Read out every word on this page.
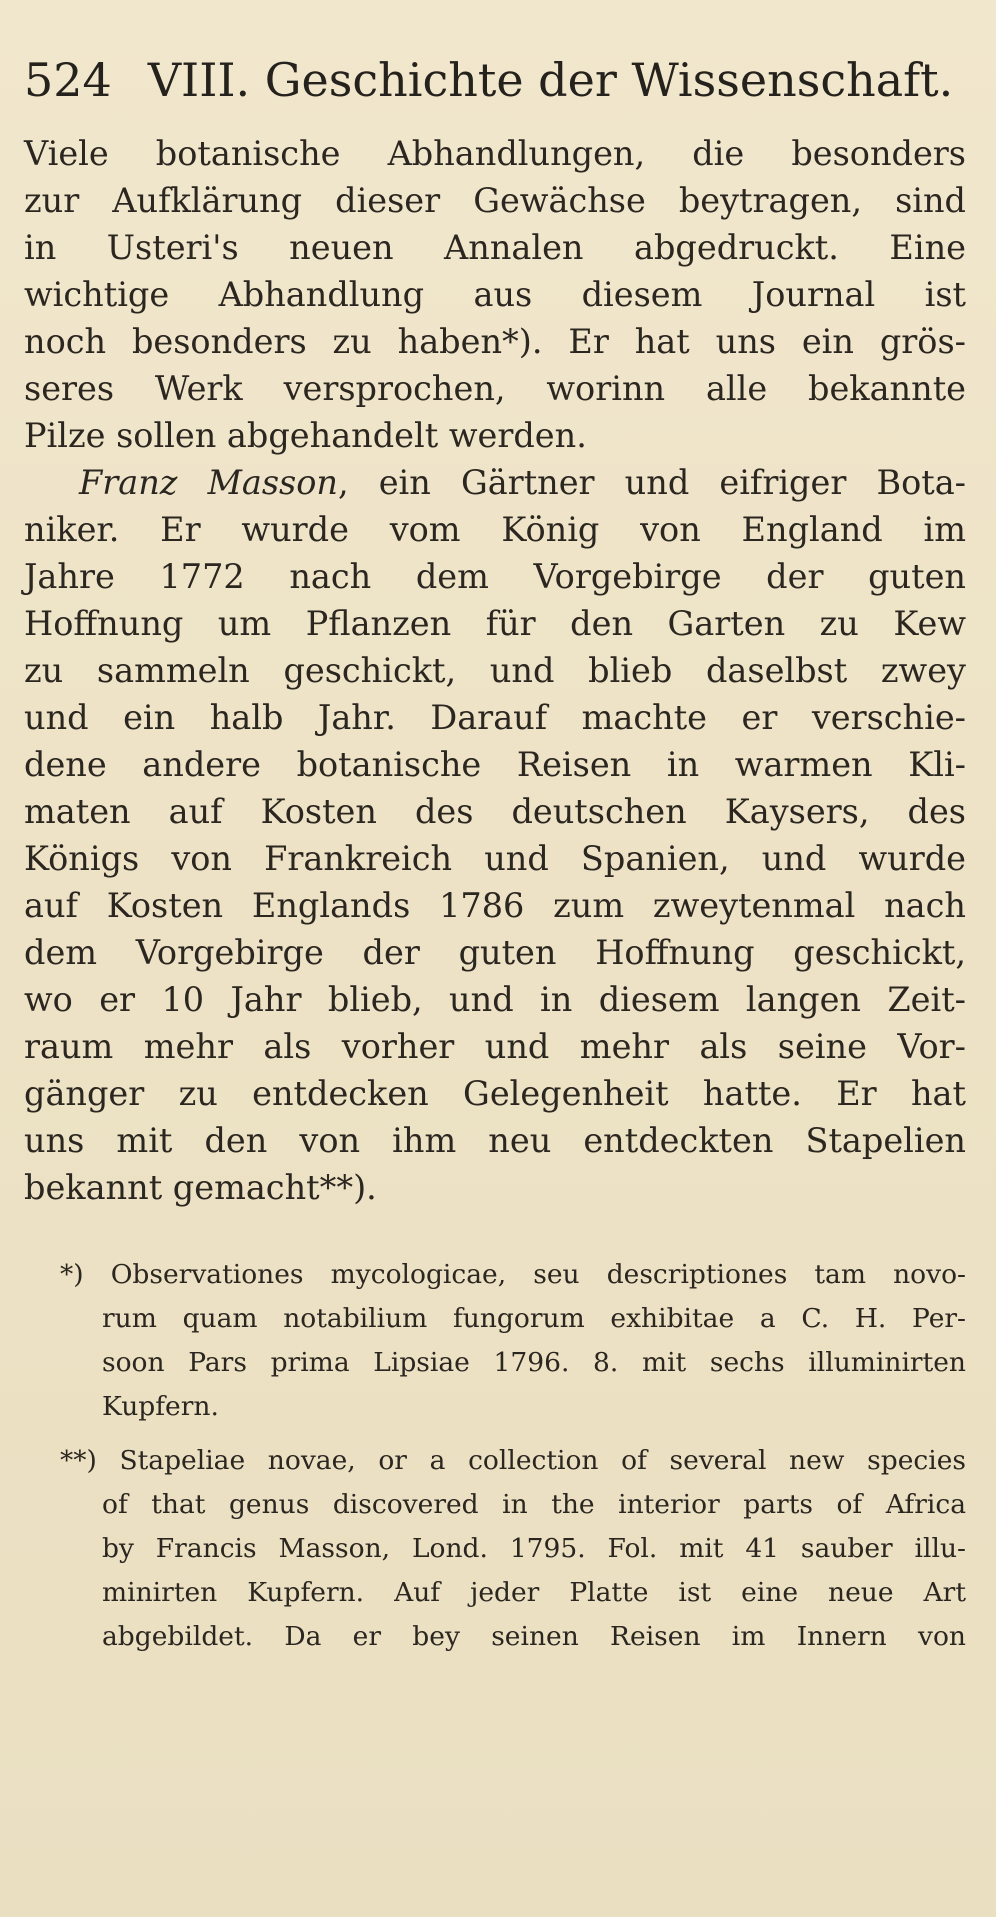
524 VIII. Geschichte der Wissenschaft.
Viele botanische Abhandlungen, die besonders
zur Aufklärung dieser Gewächse beytragen, sind
in Usteri's neuen Annalen abgedruckt. Eine
wichtige Abhandlung aus diesem Journal ist
noch besonders zu haben*). Er hat uns ein grös-
seres Werk versprochen, worinn alle bekannte
Pilze sollen abgehandelt werden.
Franz Masson, ein Gärtner und eifriger Bota-
niker. Er wurde vom König von England im
Jahre 1772 nach dem Vorgebirge der guten
Hoffnung um Pflanzen für den Garten zu Kew
zu sammeln geschickt, und blieb daselbst zwey
und ein halb Jahr. Darauf machte er verschie-
dene andere botanische Reisen in warmen Kli-
maten auf Kosten des deutschen Kaysers, des
Königs von Frankreich und Spanien, und wurde
auf Kosten Englands 1786 zum zweytenmal nach
dem Vorgebirge der guten Hoffnung geschickt,
wo er 10 Jahr blieb, und in diesem langen Zeit-
raum mehr als vorher und mehr als seine Vor-
gänger zu entdecken Gelegenheit hatte. Er hat
uns mit den von ihm neu entdeckten Stapelien
bekannt gemacht**).
*) Observationes mycologicae, seu descriptiones tam novo-
rum quam notabilium fungorum exhibitae a C. H. Per-
soon Pars prima Lipsiae 1796. 8. mit sechs illuminirten
Kupfern.
**) Stapeliae novae, or a collection of several new species
of that genus discovered in the interior parts of Africa
by Francis Masson, Lond. 1795. Fol. mit 41 sauber illu-
minirten Kupfern. Auf jeder Platte ist eine neue Art
abgebildet. Da er bey seinen Reisen im Innern von
